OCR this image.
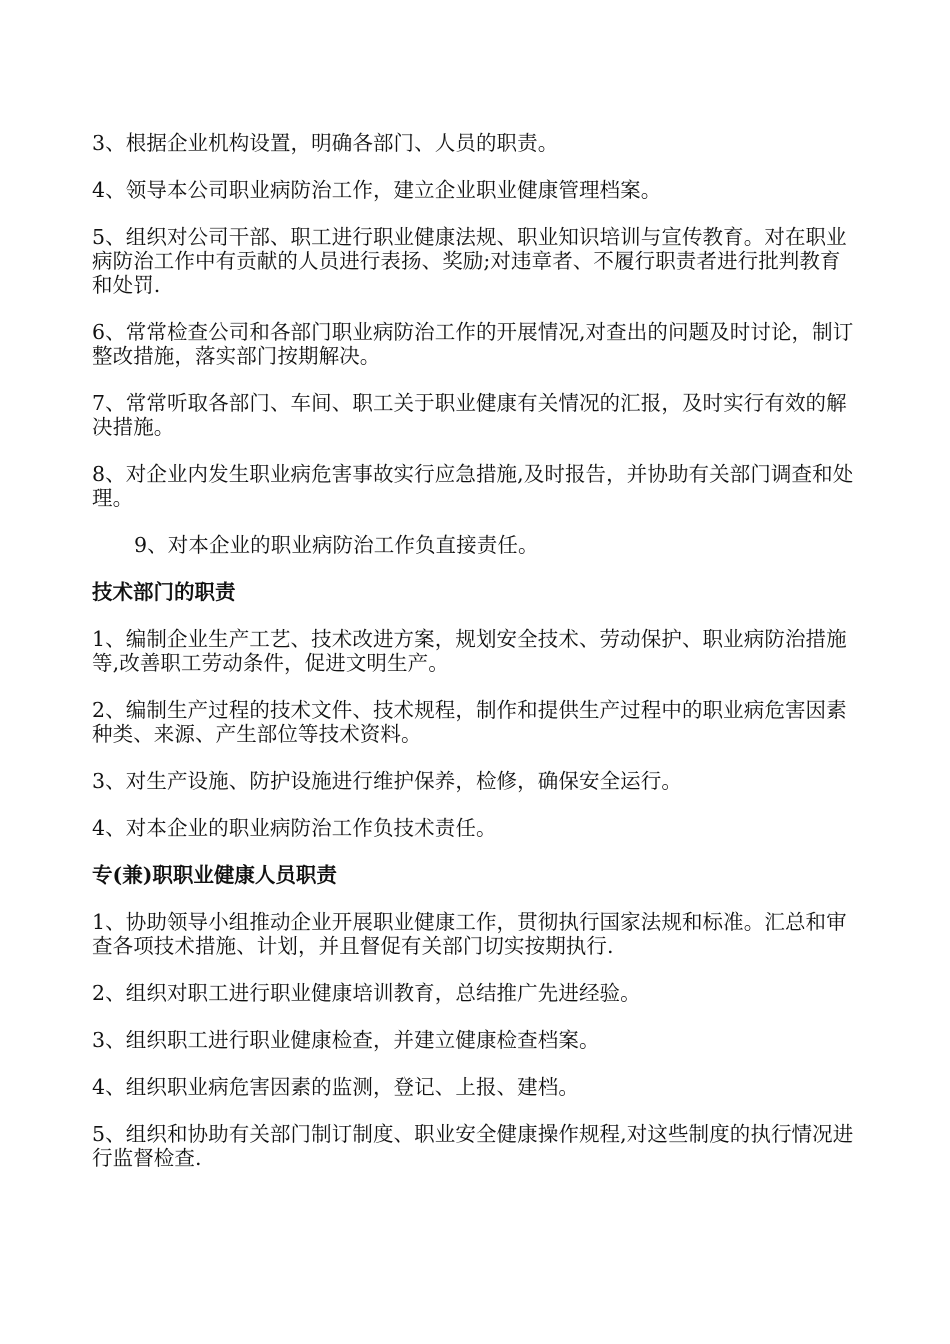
3、根据企业机构设置，明确各部门、人员的职责。

4、领导本公司职业病防治工作，建立企业职业健康管理档案。

5、组织对公司干部、职工进行职业健康法规、职业知识培训与宣传教育。对在职业病防治工作中有贡献的人员进行表扬、奖励;对违章者、不履行职责者进行批判教育和处罚.

6、常常检查公司和各部门职业病防治工作的开展情况,对查出的问题及时讨论，制订整改措施，落实部门按期解决。

7、常常听取各部门、车间、职工关于职业健康有关情况的汇报，及时实行有效的解决措施。

8、对企业内发生职业病危害事故实行应急措施,及时报告，并协助有关部门调查和处理。

9、对本企业的职业病防治工作负直接责任。

技术部门的职责

1、编制企业生产工艺、技术改进方案，规划安全技术、劳动保护、职业病防治措施等,改善职工劳动条件，促进文明生产。

2、编制生产过程的技术文件、技术规程，制作和提供生产过程中的职业病危害因素种类、来源、产生部位等技术资料。

3、对生产设施、防护设施进行维护保养，检修，确保安全运行。

4、对本企业的职业病防治工作负技术责任。

专(兼)职职业健康人员职责

1、协助领导小组推动企业开展职业健康工作，贯彻执行国家法规和标准。汇总和审查各项技术措施、计划，并且督促有关部门切实按期执行.

2、组织对职工进行职业健康培训教育，总结推广先进经验。

3、组织职工进行职业健康检查，并建立健康检查档案。

4、组织职业病危害因素的监测，登记、上报、建档。

5、组织和协助有关部门制订制度、职业安全健康操作规程,对这些制度的执行情况进行监督检查.
